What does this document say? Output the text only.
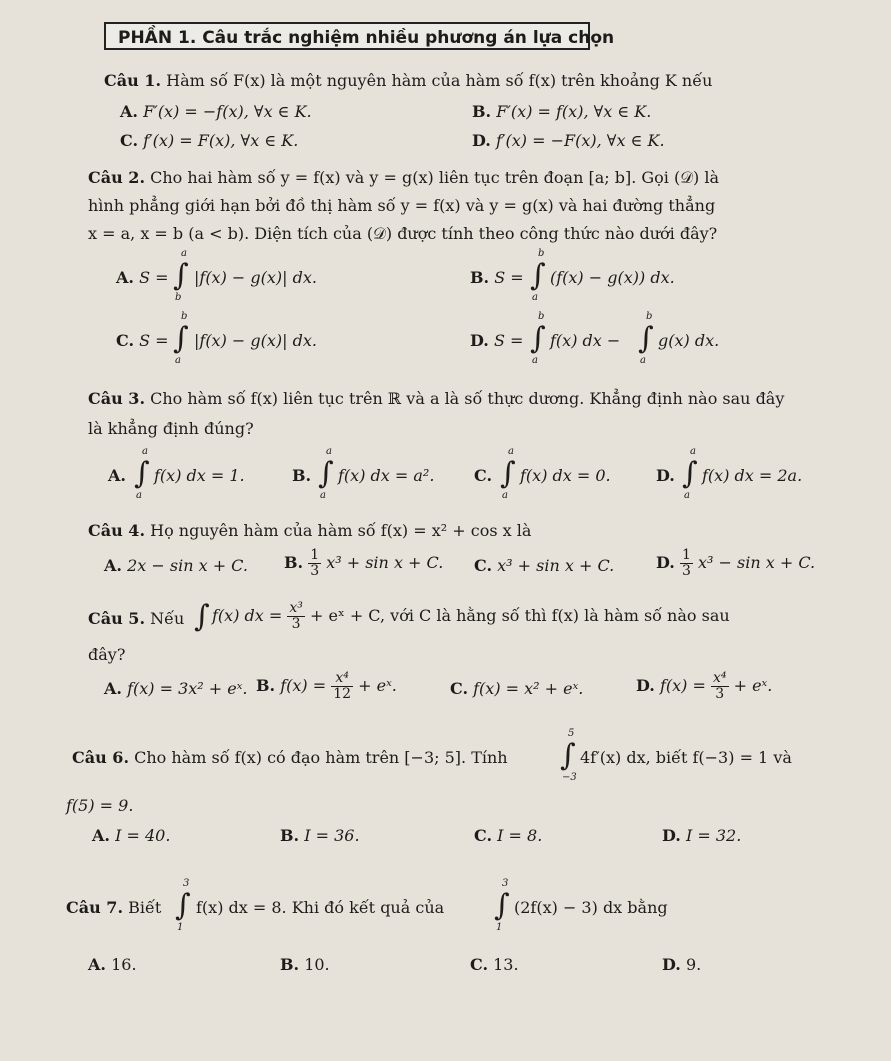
PHẦN 1. Câu trắc nghiệm nhiều phương án lựa chọn
Câu 1. Hàm số F(x) là một nguyên hàm của hàm số f(x) trên khoảng K nếu
A. F′(x) = −f(x), ∀x ∈ K.	B. F′(x) = f(x), ∀x ∈ K.
C. f′(x) = F(x), ∀x ∈ K.	D. f′(x) = −F(x), ∀x ∈ K.
Câu 2. Cho hai hàm số y = f(x) và y = g(x) liên tục trên đoạn [a; b]. Gọi (𝒟) là
hình phẳng giới hạn bởi đồ thị hàm số y = f(x) và y = g(x) và hai đường thẳng
x = a, x = b (a < b). Diện tích của (𝒟) được tính theo công thức nào dưới đây?
A. S = ∫
a
b
|f(x) − g(x)| dx.	B. S = ∫
b
a
(f(x) − g(x)) dx.
C. S = ∫
b
a
|f(x) − g(x)| dx.	D. S = ∫
b
a
f(x) dx − ∫
b
a
g(x) dx.
Câu 3. Cho hàm số f(x) liên tục trên ℝ và a là số thực dương. Khẳng định nào sau đây
là khẳng định đúng?
A. ∫
a
a
f(x) dx = 1.	B. ∫
a
a
f(x) dx = a². C. ∫
a
a
f(x) dx = 0.	D. ∫
a
a
f(x) dx = 2a.
Câu 4. Họ nguyên hàm của hàm số f(x) = x² + cos x là
A. 2x − sin x + C. B. $\frac{1}{3} x^3 + \sin x + C$. C. x³ + sin x + C.	D. $\frac{1}{3} x^3 - \sin x + C$.
Câu 5. Nếu ∫ f(x) dx = $\frac{\text{x³}}{3}$ + eˣ + C, với C là hằng số thì f(x) là hàm số nào sau
đây?
A. f(x) = 3x² + eˣ. B. $f(x) = \frac{\text{x⁴}}{12}$ + eˣ.	C. f(x) = x² + eˣ.	D. $f(x) = \frac{\text{x⁴}}{3}$ + eˣ.
Câu 6. Cho hàm số f(x) có đạo hàm trên [−3; 5]. Tính ∫
5
−3
4f′(x) dx, biết f(−3) = 1 và
f(5) = 9.
A. I = 40.	B. I = 36.	C. I = 8.	D. I = 32.
Câu 7. Biết ∫
3
1
f(x) dx = 8. Khi đó kết quả của ∫
3
1
(2f(x) − 3) dx bằng
A. 16.	B. 10.	C. 13.	D. 9.
